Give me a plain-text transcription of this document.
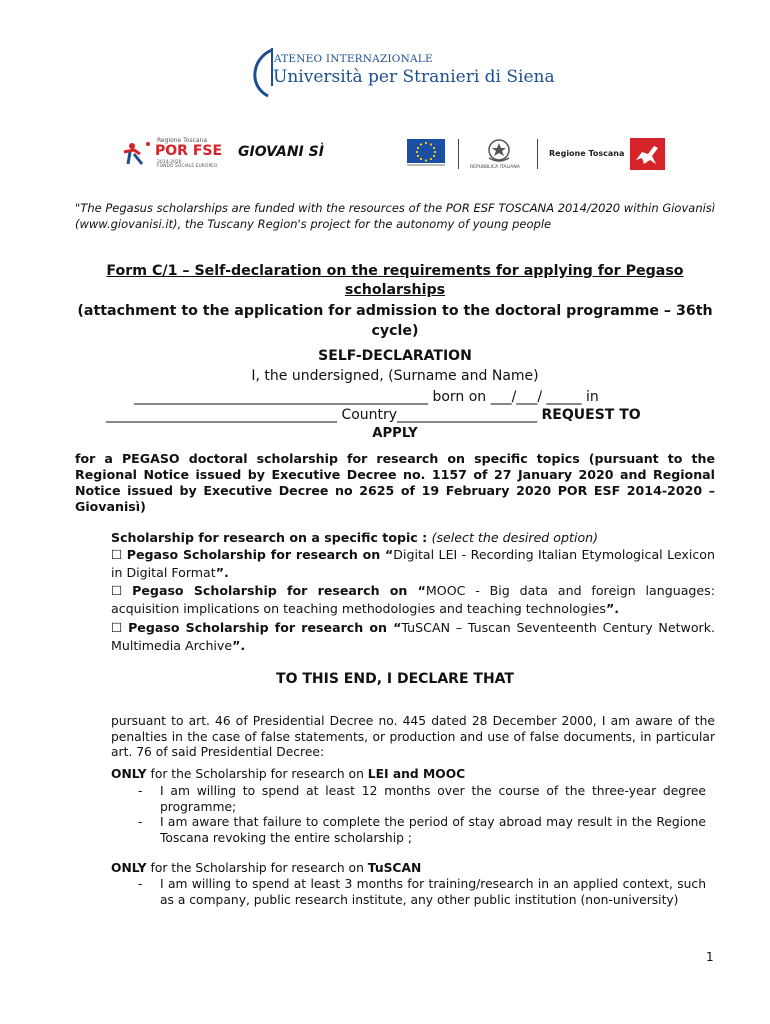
ATENEO INTERNAZIONALE
Università per Stranieri di Siena
Regione Toscana
POR FSE
2014-2020
FONDO SOCIALE EUROPEO
GIOVANI SÌ
REPUBBLICA ITALIANA
Regione Toscana
"The Pegasus scholarships are funded with the resources of the POR ESF TOSCANA 2014/2020 within Giovanisì (www.giovanisi.it), the Tuscany Region's project for the autonomy of young people
Form C/1 – Self-declaration on the requirements for applying for Pegaso scholarships
(attachment to the application for admission to the doctoral programme – 36th cycle)
SELF-DECLARATION
I, the undersigned, (Surname and Name)
__________________________________________ born on ___/___/ _____ in
_________________________________ Country____________________ REQUEST TO
APPLY
for a PEGASO doctoral scholarship for research on specific topics (pursuant to the Regional Notice issued by Executive Decree no. 1157 of 27 January 2020 and Regional Notice issued by Executive Decree no 2625 of 19 February 2020 POR ESF 2014-2020 – Giovanisì)
Scholarship for research on a specific topic : (select the desired option)
☐ Pegaso Scholarship for research on “Digital LEI - Recording Italian Etymological Lexicon in Digital Format”.
☐ Pegaso Scholarship for research on “MOOC - Big data and foreign languages: acquisition implications on teaching methodologies and teaching technologies”.
☐ Pegaso Scholarship for research on “TuSCAN – Tuscan Seventeenth Century Network. Multimedia Archive”.
TO THIS END, I DECLARE THAT
pursuant to art. 46 of Presidential Decree no. 445 dated 28 December 2000, I am aware of the penalties in the case of false statements, or production and use of false documents, in particular art. 76 of said Presidential Decree:
ONLY for the Scholarship for research on LEI and MOOC
- I am willing to spend at least 12 months over the course of the three-year degree programme;
- I am aware that failure to complete the period of stay abroad may result in the Regione Toscana revoking the entire scholarship ;
ONLY for the Scholarship for research on TuSCAN
- I am willing to spend at least 3 months for training/research in an applied context, such as a company, public research institute, any other public institution (non-university)
1
